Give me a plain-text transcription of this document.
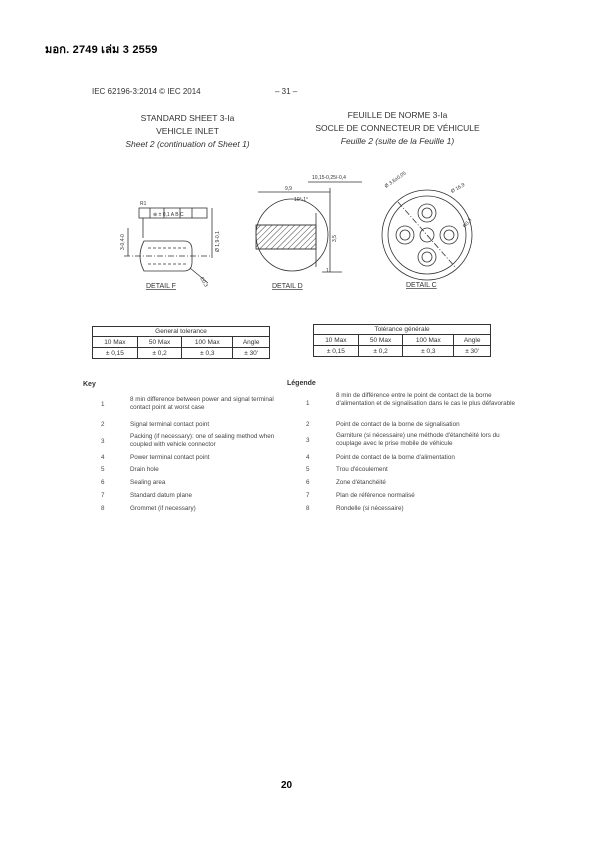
มอก. 2749 เล่ม 3 2559
IEC 62196-3:2014 © IEC 2014	– 31 –
STANDARD SHEET 3-Ia
VEHICLE INLET
Sheet 2 (continuation of Sheet 1)
FEUILLE DE NORME 3-Ia
SOCLE DE CONNECTEUR DE VÉHICULE
Feuille 2 (suite de la Feuille 1)
⊕ ± 0,1 A B C
R1
3-0,4-0	Ø 1,9-0,1
C0,3
10,15-0,25/-0,4
9,9
10°-1°
3,5
1
Ø 3,6±0,05	Ø 16,9
R0,3
DETAIL F	DETAIL D	DETAIL C
General tolerance			
10 Max	50 Max	100 Max	Angle
± 0,15	± 0,2	± 0,3	± 30'
Tolérance générale			
10 Max	50 Max	100 Max	Angle
± 0,15	± 0,2	± 0,3	± 30'
Key	Légende
1
8 min difference between power and signal terminal contact point at worst case
2	Signal terminal contact point
3
Packing (if necessary): one of sealing method when coupled with vehicle connector
4	Power terminal contact point
5	Drain hole
6	Sealing area
7	Standard datum plane
8	Grommet (if necessary)
1
8 min de différence entre le point de contact de la borne d'alimentation et de signalisation dans le cas le plus défavorable
2	Point de contact de la borne de signalisation
3
Garniture (si nécessaire) une méthode d'étanchéité lors du couplage avec le prise mobile de véhicule
4	Point de contact de la borne d'alimentation
5	Trou d'écoulement
6	Zone d'étanchéité
7	Plan de référence normalisé
8	Rondelle (si nécessaire)
20
